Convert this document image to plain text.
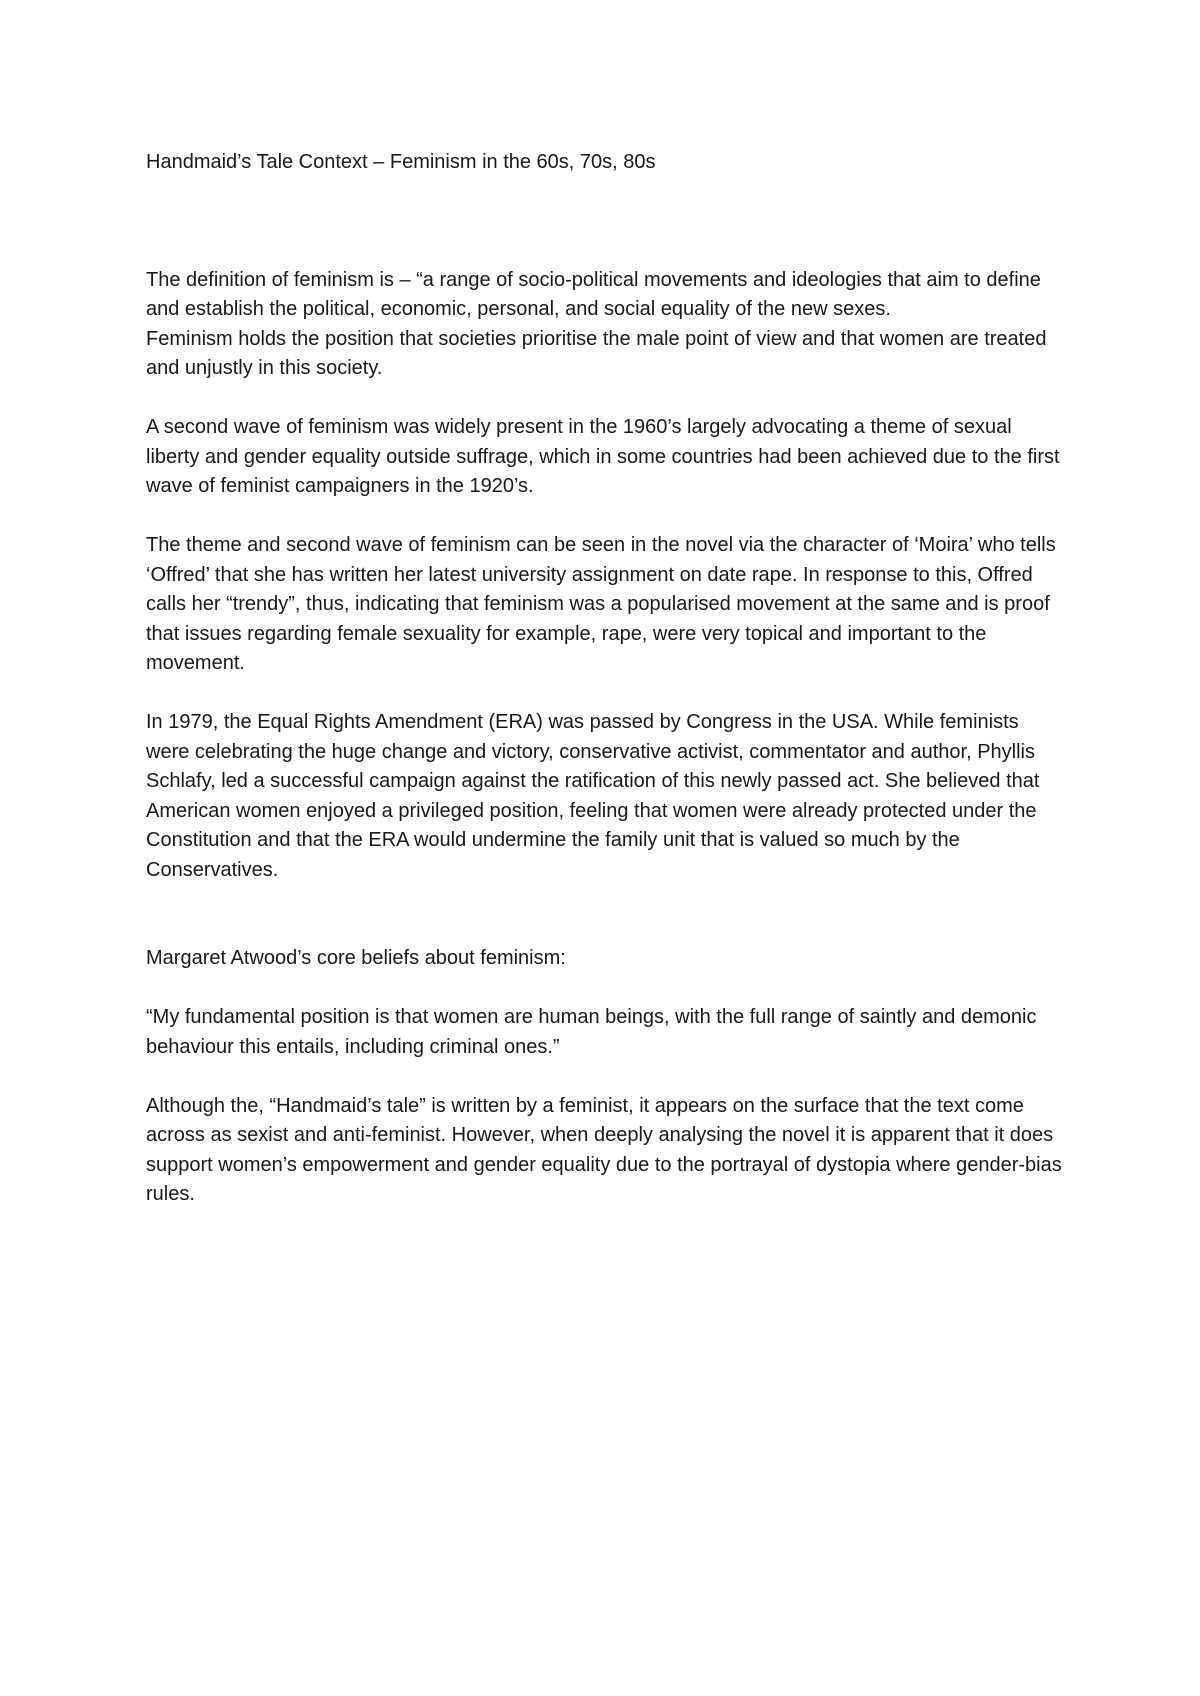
Handmaid’s Tale Context – Feminism in the 60s, 70s, 80s

The definition of feminism is – “a range of socio-political movements and ideologies that aim to define and establish the political, economic, personal, and social equality of the new sexes.

Feminism holds the position that societies prioritise the male point of view and that women are treated and unjustly in this society.

A second wave of feminism was widely present in the 1960’s largely advocating a theme of sexual liberty and gender equality outside suffrage, which in some countries had been achieved due to the first wave of feminist campaigners in the 1920’s.

The theme and second wave of feminism can be seen in the novel via the character of ‘Moira’ who tells ‘Offred’ that she has written her latest university assignment on date rape. In response to this, Offred calls her “trendy”, thus, indicating that feminism was a popularised movement at the same and is proof that issues regarding female sexuality for example, rape, were very topical and important to the movement.

In 1979, the Equal Rights Amendment (ERA) was passed by Congress in the USA. While feminists were celebrating the huge change and victory, conservative activist, commentator and author, Phyllis Schlafy, led a successful campaign against the ratification of this newly passed act. She believed that American women enjoyed a privileged position, feeling that women were already protected under the Constitution and that the ERA would undermine the family unit that is valued so much by the Conservatives.

Margaret Atwood’s core beliefs about feminism:

“My fundamental position is that women are human beings, with the full range of saintly and demonic behaviour this entails, including criminal ones.”

Although the, “Handmaid’s tale” is written by a feminist, it appears on the surface that the text come across as sexist and anti-feminist. However, when deeply analysing the novel it is apparent that it does support women’s empowerment and gender equality due to the portrayal of dystopia where gender-bias rules.
